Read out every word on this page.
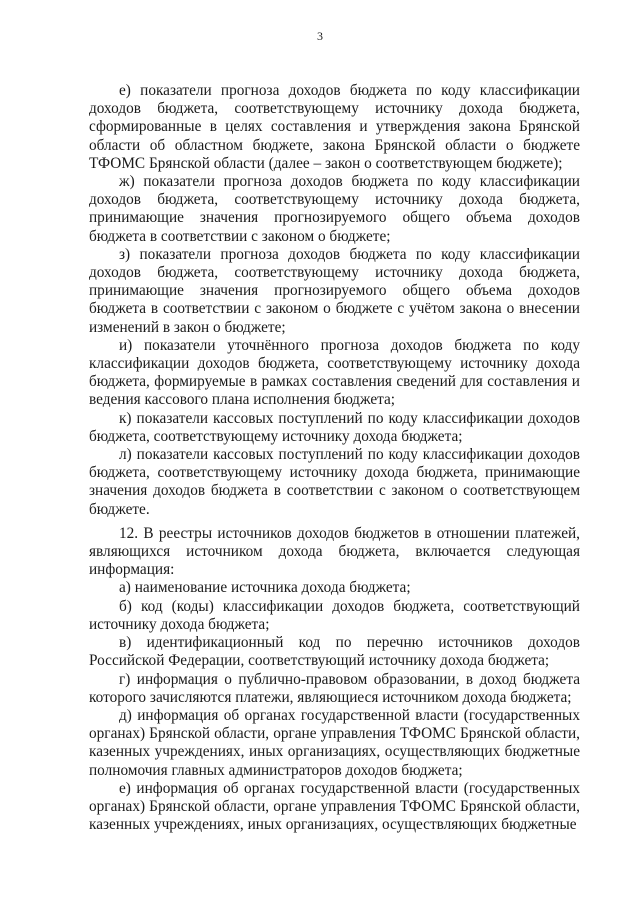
3

е) показатели прогноза доходов бюджета по коду классификации доходов бюджета, соответствующему источнику дохода бюджета, сформированные в целях составления и утверждения закона Брянской области об областном бюджете, закона Брянской области о бюджете ТФОМС Брянской области (далее – закон о соответствующем бюджете);

ж) показатели прогноза доходов бюджета по коду классификации доходов бюджета, соответствующему источнику дохода бюджета, принимающие значения прогнозируемого общего объема доходов бюджета в соответствии с законом о бюджете;

з) показатели прогноза доходов бюджета по коду классификации доходов бюджета, соответствующему источнику дохода бюджета, принимающие значения прогнозируемого общего объема доходов бюджета в соответствии с законом о бюджете с учётом закона о внесении изменений в закон о бюджете;

и) показатели уточнённого прогноза доходов бюджета по коду классификации доходов бюджета, соответствующему источнику дохода бюджета, формируемые в рамках составления сведений для составления и ведения кассового плана исполнения бюджета;

к) показатели кассовых поступлений по коду классификации доходов бюджета, соответствующему источнику дохода бюджета;

л) показатели кассовых поступлений по коду классификации доходов бюджета, соответствующему источнику дохода бюджета, принимающие значения доходов бюджета в соответствии с законом о соответствующем бюджете.

12. В реестры источников доходов бюджетов в отношении платежей, являющихся источником дохода бюджета, включается следующая информация:

а) наименование источника дохода бюджета;

б) код (коды) классификации доходов бюджета, соответствующий источнику дохода бюджета;

в) идентификационный код по перечню источников доходов Российской Федерации, соответствующий источнику дохода бюджета;

г) информация о публично-правовом образовании, в доход бюджета которого зачисляются платежи, являющиеся источником дохода бюджета;

д) информация об органах государственной власти (государственных органах) Брянской области, органе управления ТФОМС Брянской области, казенных учреждениях, иных организациях, осуществляющих бюджетные полномочия главных администраторов доходов бюджета;

е) информация об органах государственной власти (государственных органах) Брянской области, органе управления ТФОМС Брянской области, казенных учреждениях, иных организациях, осуществляющих бюджетные
